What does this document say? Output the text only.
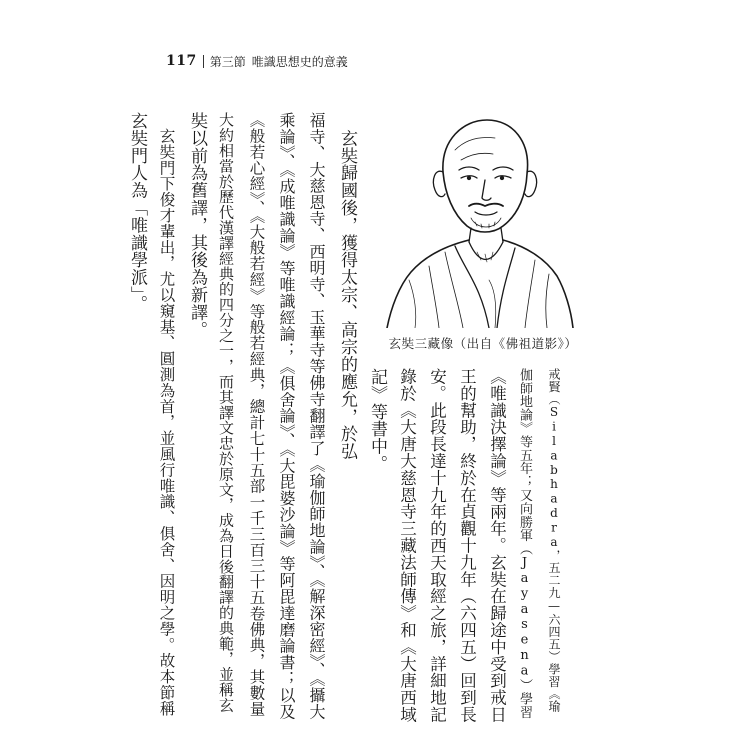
117 第三節 唯識思想史的意義
玄奘三藏像（出自《佛祖道影》）
戒賢（Silabhadra，五二九—六四五）學習《瑜
伽師地論》等五年；又向勝軍（Jayasena）學習
《唯識決擇論》等兩年。玄奘在歸途中受到戒日
王的幫助，終於在貞觀十九年（六四五）回到長
安。此段長達十九年的西天取經之旅，詳細地記
錄於《大唐大慈恩寺三藏法師傳》和《大唐西域
記》等書中。
　玄奘歸國後，獲得太宗、高宗的應允，於弘
福寺、大慈恩寺、西明寺、玉華寺等佛寺翻譯了《瑜伽師地論》、《解深密經》、《攝大
乘論》、《成唯識論》等唯識經論；《俱舍論》、《大毘婆沙論》等阿毘達磨論書；以及
《般若心經》、《大般若經》等般若經典，總計七十五部一千三百三十五卷佛典，其數量
大約相當於歷代漢譯經典的四分之一，而其譯文忠於原文，成為日後翻譯的典範，並稱玄
奘以前為舊譯，其後為新譯。
　玄奘門下俊才輩出，尤以窺基、圓測為首，並風行唯識、俱舍、因明之學。故本節稱
玄奘門人為「唯識學派」。
